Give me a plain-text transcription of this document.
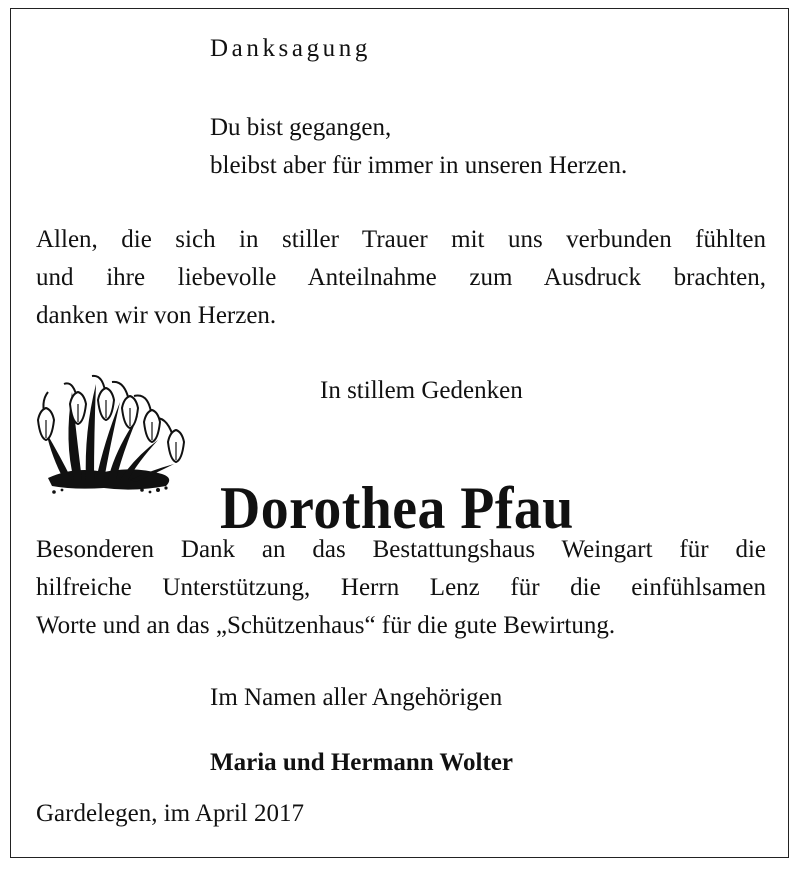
Danksagung

Du bist gegangen,
bleibst aber für immer in unseren Herzen.
Allen, die sich in stiller Trauer mit uns verbunden fühlten
und ihre liebevolle Anteilnahme zum Ausdruck brachten,
danken wir von Herzen.

In stillem Gedenken

Dorothea Pfau

Besonderen Dank an das Bestattungshaus Weingart für die
hilfreiche Unterstützung, Herrn Lenz für die einfühlsamen
Worte und an das „Schützenhaus“ für die gute Bewirtung.

Im Namen aller Angehörigen

Maria und Hermann Wolter

Gardelegen, im April 2017
